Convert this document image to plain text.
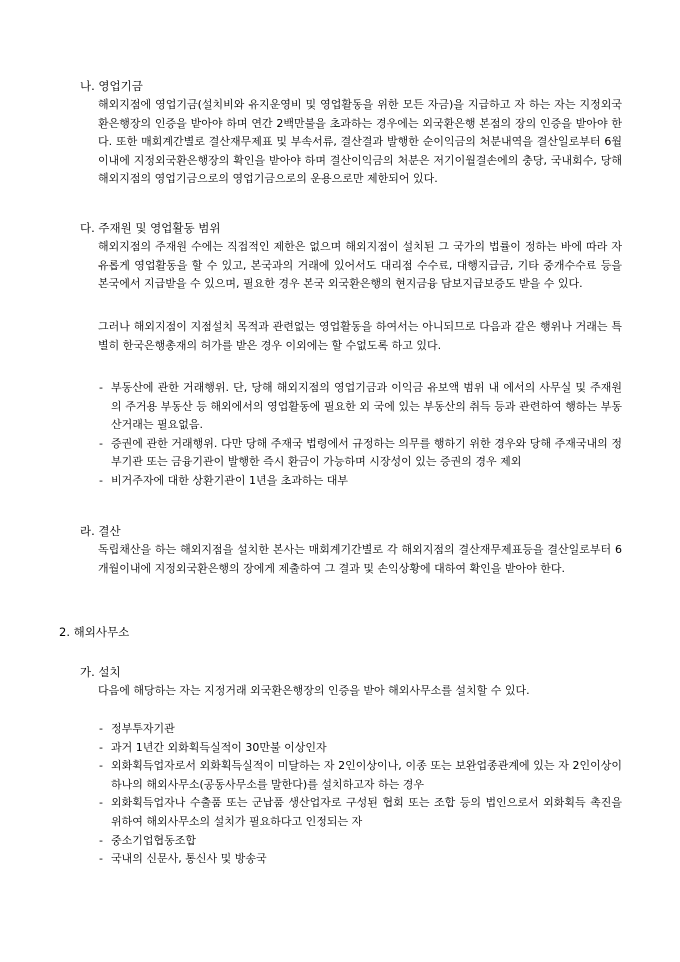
나. 영업기금
해외지점에 영업기금(설치비와 유지운영비 및 영업활동을 위한 모든 자금)을 지급하고 자 하는 자는 지정외국환은행장의 인증을 받아야 하며 연간 2백만불을 초과하는 경우에는 외국환은행 본점의 장의 인증을 받아야 한다. 또한 매회계간별로 결산재무제표 및 부속서류, 결산결과 발행한 순이익금의 처분내역을 결산일로부터 6월이내에 지정외국환은행장의 확인을 받아야 하며 결산이익금의 처분은 저기이월결손에의 충당, 국내회수, 당해 해외지점의 영업기금으로의 영업기금으로의 운용으로만 제한되어 있다.
다. 주재원 및 영업활동 범위
해외지점의 주재원 수에는 직접적인 제한은 없으며 해외지점이 설치된 그 국가의 법률이 정하는 바에 따라 자유롭게 영업활동을 할 수 있고, 본국과의 거래에 있어서도 대리점 수수료, 대행지급금, 기타 중개수수료 등을 본국에서 지급받을 수 있으며, 필요한 경우 본국 외국환은행의 현지금융 담보지급보증도 받을 수 있다.
그러나 해외지점이 지점설치 목적과 관련없는 영업활동을 하여서는 아니되므로 다음과 같은 행위나 거래는 특별히 한국은행총재의 허가를 받은 경우 이외에는 할 수없도록 하고 있다.
- 부동산에 관한 거래행위. 단, 당해 해외지점의 영업기금과 이익금 유보액 범위 내 에서의 사무실 및 주재원의 주거용 부동산 등 해외에서의 영업활동에 필요한 외 국에 있는 부동산의 취득 등과 관련하여 행하는 부동산거래는 필요없음.
- 증권에 관한 거래행위. 다만 당해 주재국 법령에서 규정하는 의무를 행하기 위한 경우와 당해 주재국내의 정부기관 또는 금융기관이 발행한 즉시 환금이 가능하며 시장성이 있는 증권의 경우 제외
- 비거주자에 대한 상환기관이 1년을 초과하는 대부
라. 결산
독립채산을 하는 해외지점을 설치한 본사는 매회계기간별로 각 해외지점의 결산재무제표등을 결산일로부터 6개월이내에 지정외국환은행의 장에게 제출하여 그 결과 및 손익상황에 대하여 확인을 받아야 한다.
2. 해외사무소
가. 설치
다음에 해당하는 자는 지정거래 외국환은행장의 인증을 받아 해외사무소를 설치할 수 있다.
- 정부투자기관
- 과거 1년간 외화획득실적이 30만불 이상인자
- 외화획득업자로서 외화획득실적이 미달하는 자 2인이상이나, 이종 또는 보완업종관계에 있는 자 2인이상이 하나의 해외사무소(공동사무소를 말한다)를 설치하고자 하는 경우
- 외화획득업자나 수출품 또는 군납품 생산업자로 구성된 협회 또는 조합 등의 법인으로서 외화획득 촉진을 위하여 해외사무소의 설치가 필요하다고 인정되는 자
- 중소기업협동조합
- 국내의 신문사, 통신사 및 방송국
